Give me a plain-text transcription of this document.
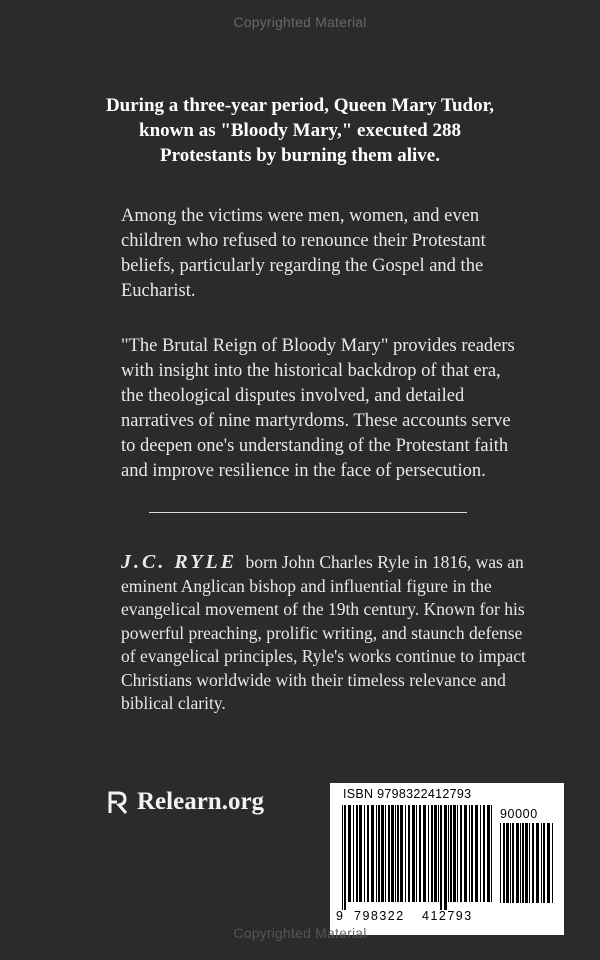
Copyrighted Material

During a three-year period, Queen Mary Tudor, known as "Bloody Mary," executed 288 Protestants by burning them alive.

Among the victims were men, women, and even children who refused to renounce their Protestant beliefs, particularly regarding the Gospel and the Eucharist.

"The Brutal Reign of Bloody Mary" provides readers with insight into the historical backdrop of that era, the theological disputes involved, and detailed narratives of nine martyrdoms. These accounts serve to deepen one's understanding of the Protestant faith and improve resilience in the face of persecution.

J.C. RYLE born John Charles Ryle in 1816, was an eminent Anglican bishop and influential figure in the evangelical movement of the 19th century. Known for his powerful preaching, prolific writing, and staunch defense of evangelical principles, Ryle's works continue to impact Christians worldwide with their timeless relevance and biblical clarity.

Relearn.org	ISBN 9798322412793
90000
9 798322 412793
Copyrighted Material
